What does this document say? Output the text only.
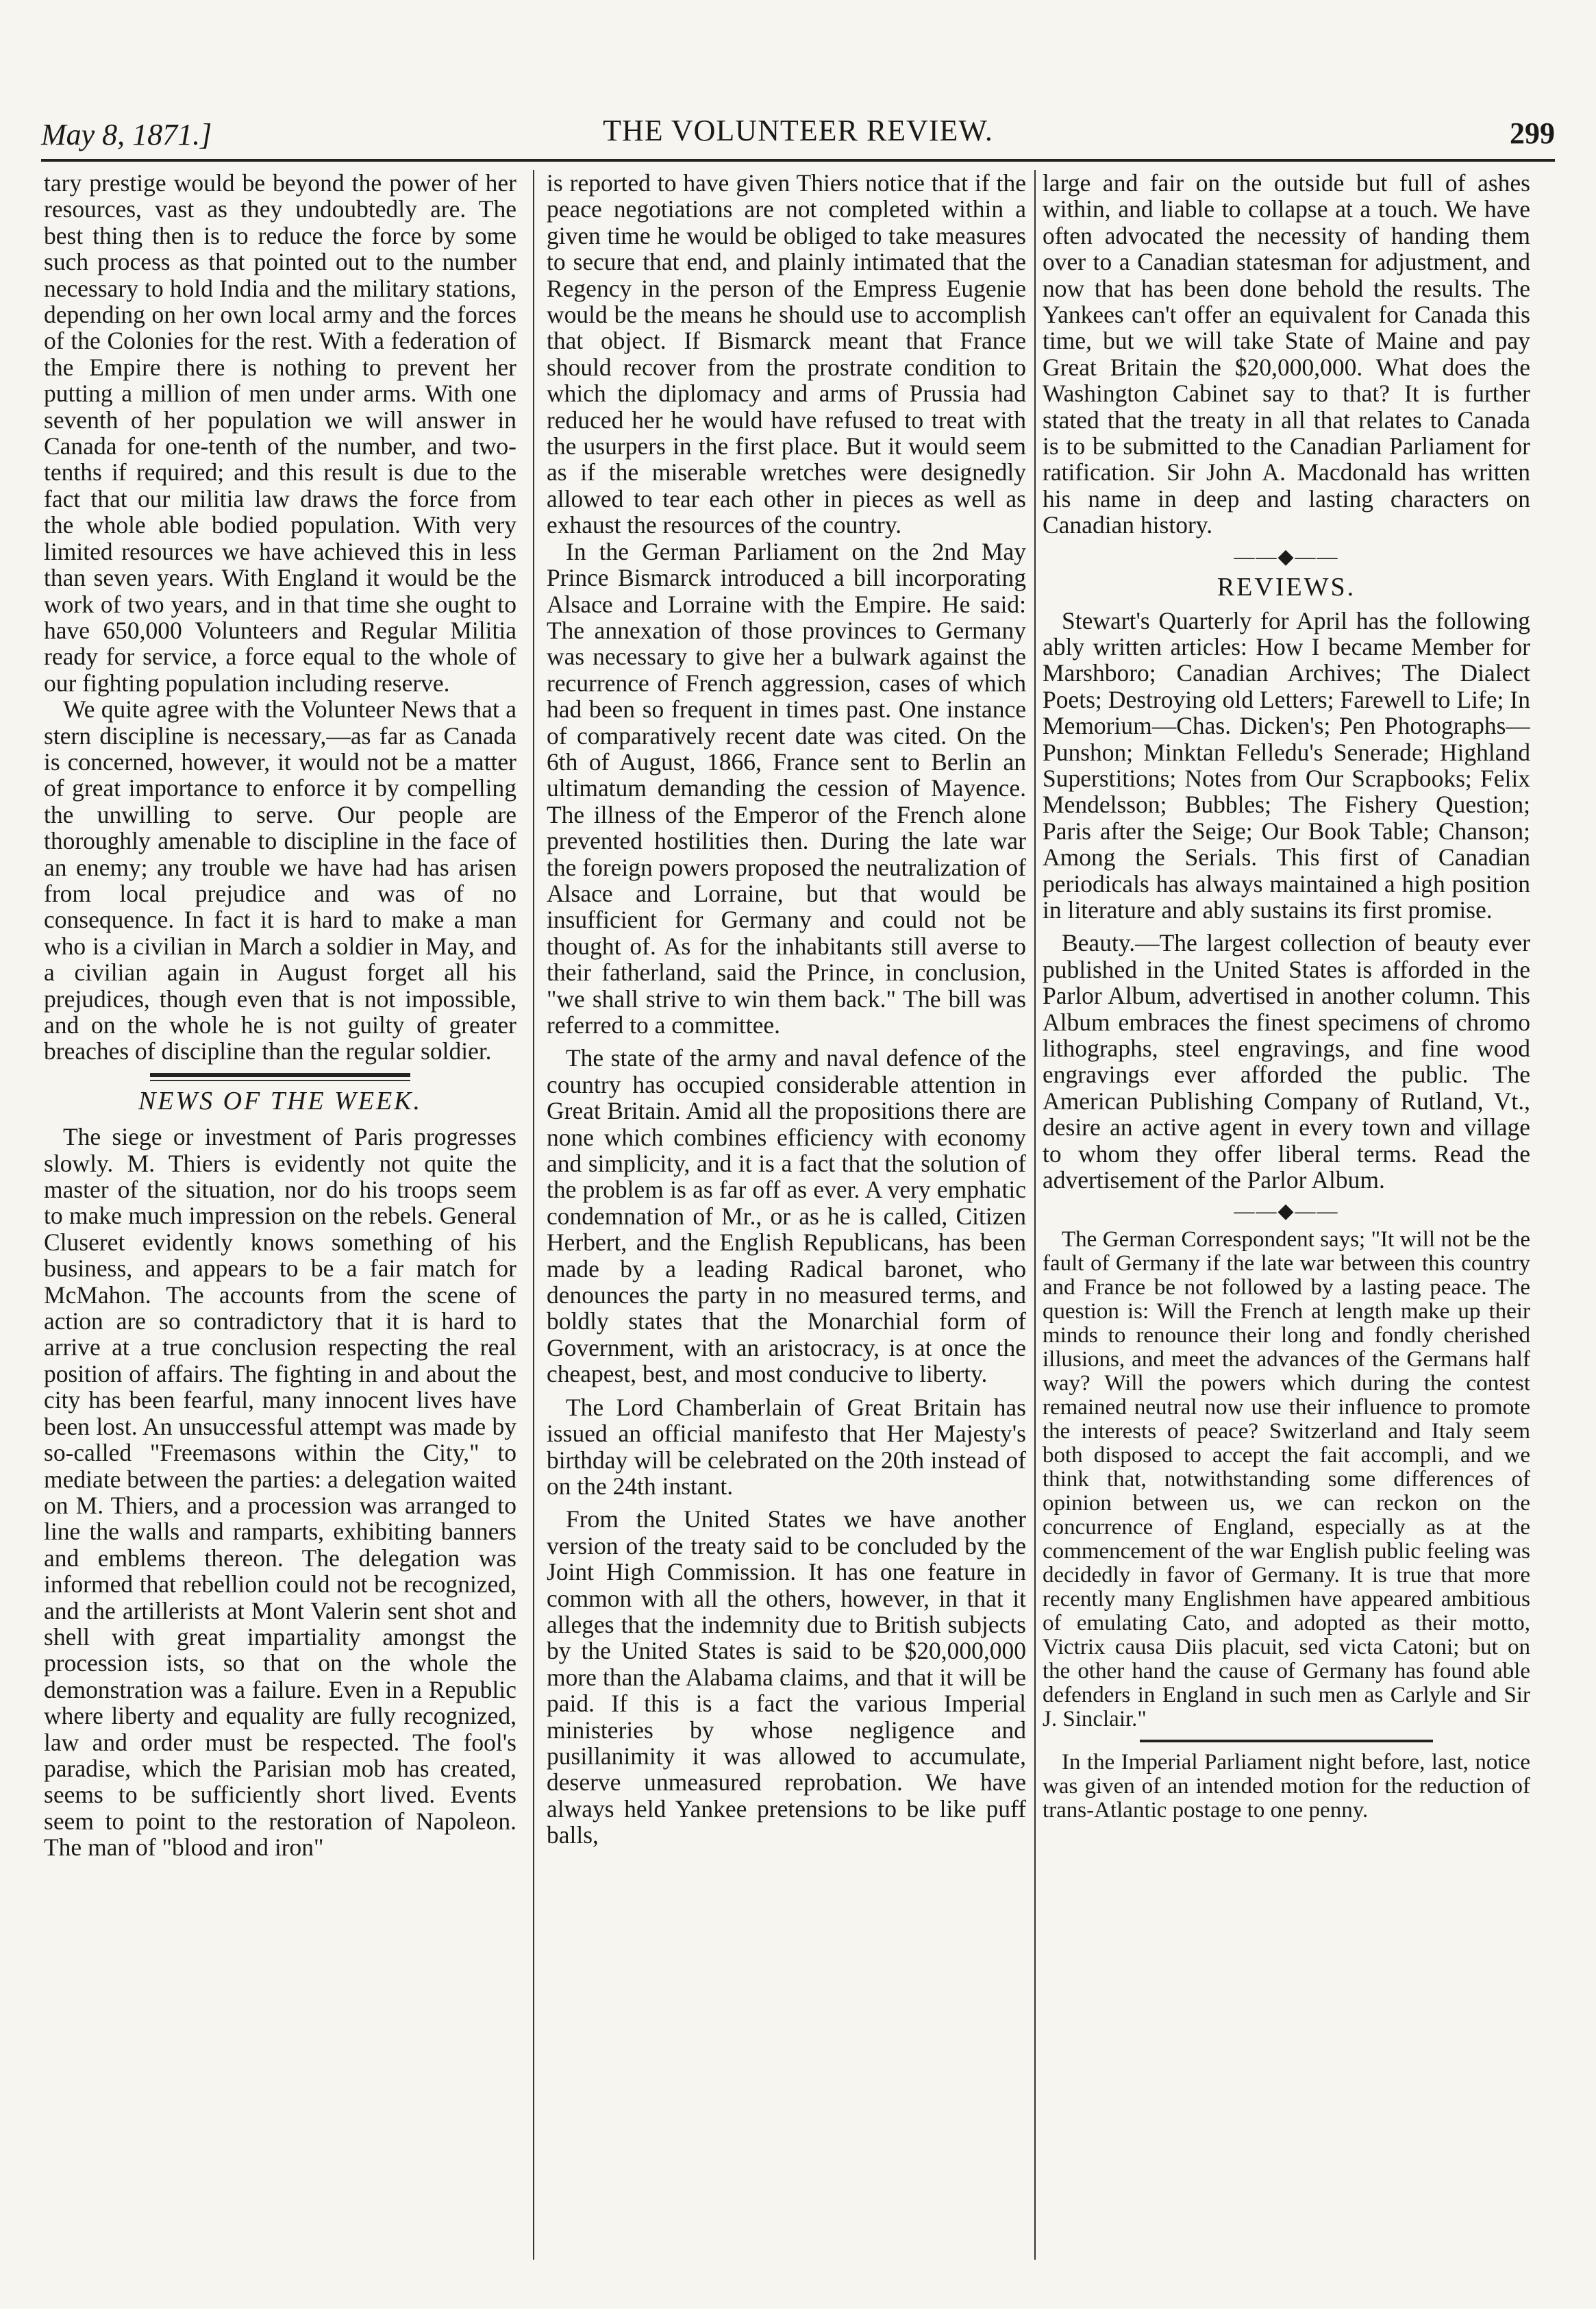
May 8, 1871.]	THE VOLUNTEER REVIEW.	299

tary prestige would be beyond the power of her resources, vast as they undoubtedly are. The best thing then is to reduce the force by some such process as that pointed out to the number necessary to hold India and the military stations, depending on her own local army and the forces of the Colonies for the rest. With a federation of the Empire there is nothing to prevent her putting a million of men under arms. With one seventh of her population we will answer in Canada for one-tenth of the number, and two-tenths if required; and this result is due to the fact that our militia law draws the force from the whole able bodied population. With very limited resources we have achieved this in less than seven years. With England it would be the work of two years, and in that time she ought to have 650,000 Volunteers and Regular Militia ready for service, a force equal to the whole of our fighting population including reserve.

We quite agree with the Volunteer News that a stern discipline is necessary,—as far as Canada is concerned, however, it would not be a matter of great importance to enforce it by compelling the unwilling to serve. Our people are thoroughly amenable to discipline in the face of an enemy; any trouble we have had has arisen from local prejudice and was of no consequence. In fact it is hard to make a man who is a civilian in March a soldier in May, and a civilian again in August forget all his prejudices, though even that is not impossible, and on the whole he is not guilty of greater breaches of discipline than the regular soldier.

NEWS OF THE WEEK.

The siege or investment of Paris progresses slowly. M. Thiers is evidently not quite the master of the situation, nor do his troops seem to make much impression on the rebels. General Cluseret evidently knows something of his business, and appears to be a fair match for McMahon. The accounts from the scene of action are so contradictory that it is hard to arrive at a true conclusion respecting the real position of affairs. The fighting in and about the city has been fearful, many innocent lives have been lost. An unsuccessful attempt was made by so-called "Freemasons within the City," to mediate between the parties: a delegation waited on M. Thiers, and a procession was arranged to line the walls and ramparts, exhibiting banners and emblems thereon. The delegation was informed that rebellion could not be recognized, and the artillerists at Mont Valerin sent shot and shell with great impartiality amongst the procession ists, so that on the whole the demonstration was a failure. Even in a Republic where liberty and equality are fully recognized, law and order must be respected. The fool's paradise, which the Parisian mob has created, seems to be sufficiently short lived. Events seem to point to the restoration of Napoleon. The man of "blood and iron"

is reported to have given Thiers notice that if the peace negotiations are not completed within a given time he would be obliged to take measures to secure that end, and plainly intimated that the Regency in the person of the Empress Eugenie would be the means he should use to accomplish that object. If Bismarck meant that France should recover from the prostrate condition to which the diplomacy and arms of Prussia had reduced her he would have refused to treat with the usurpers in the first place. But it would seem as if the miserable wretches were designedly allowed to tear each other in pieces as well as exhaust the resources of the country.

In the German Parliament on the 2nd May Prince Bismarck introduced a bill incorporating Alsace and Lorraine with the Empire. He said: The annexation of those provinces to Germany was necessary to give her a bulwark against the recurrence of French aggression, cases of which had been so frequent in times past. One instance of comparatively recent date was cited. On the 6th of August, 1866, France sent to Berlin an ultimatum demanding the cession of Mayence. The illness of the Emperor of the French alone prevented hostilities then. During the late war the foreign powers proposed the neutralization of Alsace and Lorraine, but that would be insufficient for Germany and could not be thought of. As for the inhabitants still averse to their fatherland, said the Prince, in conclusion, "we shall strive to win them back." The bill was referred to a committee.

The state of the army and naval defence of the country has occupied considerable attention in Great Britain. Amid all the propositions there are none which combines efficiency with economy and simplicity, and it is a fact that the solution of the problem is as far off as ever. A very emphatic condemnation of Mr., or as he is called, Citizen Herbert, and the English Republicans, has been made by a leading Radical baronet, who denounces the party in no measured terms, and boldly states that the Monarchial form of Government, with an aristocracy, is at once the cheapest, best, and most conducive to liberty.

The Lord Chamberlain of Great Britain has issued an official manifesto that Her Majesty's birthday will be celebrated on the 20th instead of on the 24th instant.

From the United States we have another version of the treaty said to be concluded by the Joint High Commission. It has one feature in common with all the others, however, in that it alleges that the indemnity due to British subjects by the United States is said to be $20,000,000 more than the Alabama claims, and that it will be paid. If this is a fact the various Imperial ministeries by whose negligence and pusillanimity it was allowed to accumulate, deserve unmeasured reprobation. We have always held Yankee pretensions to be like puff balls,

large and fair on the outside but full of ashes within, and liable to collapse at a touch. We have often advocated the necessity of handing them over to a Canadian statesman for adjustment, and now that has been done behold the results. The Yankees can't offer an equivalent for Canada this time, but we will take State of Maine and pay Great Britain the $20,000,000. What does the Washington Cabinet say to that? It is further stated that the treaty in all that relates to Canada is to be submitted to the Canadian Parliament for ratification. Sir John A. Macdonald has written his name in deep and lasting characters on Canadian history.

——◆——
REVIEWS.

Stewart's Quarterly for April has the following ably written articles: How I became Member for Marshboro; Canadian Archives; The Dialect Poets; Destroying old Letters; Farewell to Life; In Memorium—Chas. Dicken's; Pen Photographs—Punshon; Minktan Felledu's Senerade; Highland Superstitions; Notes from Our Scrapbooks; Felix Mendelsson; Bubbles; The Fishery Question; Paris after the Seige; Our Book Table; Chanson; Among the Serials. This first of Canadian periodicals has always maintained a high position in literature and ably sustains its first promise.

Beauty.—The largest collection of beauty ever published in the United States is afforded in the Parlor Album, advertised in another column. This Album embraces the finest specimens of chromo lithographs, steel engravings, and fine wood engravings ever afforded the public. The American Publishing Company of Rutland, Vt., desire an active agent in every town and village to whom they offer liberal terms. Read the advertisement of the Parlor Album.

——◆——

The German Correspondent says; "It will not be the fault of Germany if the late war between this country and France be not followed by a lasting peace. The question is: Will the French at length make up their minds to renounce their long and fondly cherished illusions, and meet the advances of the Germans half way? Will the powers which during the contest remained neutral now use their influence to promote the interests of peace? Switzerland and Italy seem both disposed to accept the fait accompli, and we think that, notwithstanding some differences of opinion between us, we can reckon on the concurrence of England, especially as at the commencement of the war English public feeling was decidedly in favor of Germany. It is true that more recently many Englishmen have appeared ambitious of emulating Cato, and adopted as their motto, Victrix causa Diis placuit, sed victa Catoni; but on the other hand the cause of Germany has found able defenders in England in such men as Carlyle and Sir J. Sinclair."

In the Imperial Parliament night before, last, notice was given of an intended motion for the reduction of trans-Atlantic postage to one penny.
